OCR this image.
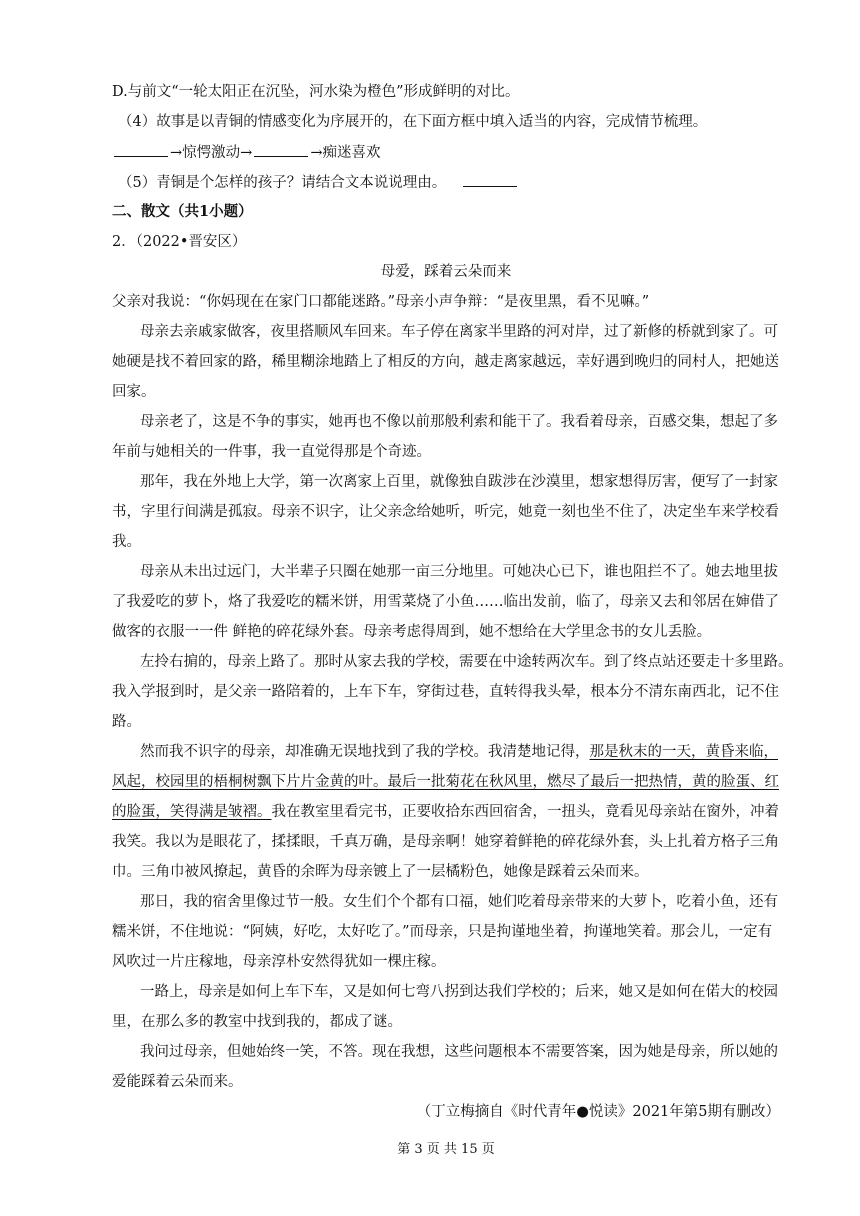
D.与前文“一轮太阳正在沉坠，河水染为橙色”形成鲜明的对比。
（4）故事是以青铜的情感变化为序展开的，在下面方框中填入适当的内容，完成情节梳理。
→惊愕激动→	→痴迷喜欢
（5）青铜是个怎样的孩子？请结合文本说说理由。
二、散文（共1小题）
2．（2022•晋安区）
母爱，踩着云朵而来
父亲对我说：“你妈现在在家门口都能迷路。”母亲小声争辩：“是夜里黑，看不见嘛。”
母亲去亲戚家做客，夜里搭顺风车回来。车子停在离家半里路的河对岸，过了新修的桥就到家了。可
她硬是找不着回家的路，稀里糊涂地踏上了相反的方向，越走离家越远，幸好遇到晚归的同村人，把她送
回家。
母亲老了，这是不争的事实，她再也不像以前那般利索和能干了。我看着母亲，百感交集，想起了多
年前与她相关的一件事，我一直觉得那是个奇迹。
那年，我在外地上大学，第一次离家上百里，就像独自跋涉在沙漠里，想家想得厉害，便写了一封家
书，字里行间满是孤寂。母亲不识字，让父亲念给她听，听完，她竟一刻也坐不住了，决定坐车来学校看
我。
母亲从未出过远门，大半辈子只圈在她那一亩三分地里。可她决心已下，谁也阻拦不了。她去地里拔
了我爱吃的萝卜，烙了我爱吃的糯米饼，用雪菜烧了小鱼……临出发前，临了，母亲又去和邻居在婶借了
做客的衣服一一件 鲜艳的碎花绿外套。母亲考虑得周到，她不想给在大学里念书的女儿丢脸。
左拎右掮的，母亲上路了。那时从家去我的学校，需要在中途转两次车。到了终点站还要走十多里路。
我入学报到时，是父亲一路陪着的，上车下车，穿街过巷，直转得我头晕，根本分不清东南西北，记不住
路。
然而我不识字的母亲，却准确无误地找到了我的学校。我清楚地记得，那是秋末的一天，黄昏来临，
风起，校园里的梧桐树飘下片片金黄的叶。最后一批菊花在秋风里，燃尽了最后一把热情，黄的脸蛋、红
的脸蛋，笑得满是皱褶。我在教室里看完书，正要收拾东西回宿舍，一扭头，竟看见母亲站在窗外，冲着
我笑。我以为是眼花了，揉揉眼，千真万确，是母亲啊！她穿着鲜艳的碎花绿外套，头上扎着方格子三角
巾。三角巾被风撩起，黄昏的余晖为母亲镀上了一层橘粉色，她像是踩着云朵而来。
那日，我的宿舍里像过节一般。女生们个个都有口福，她们吃着母亲带来的大萝卜，吃着小鱼，还有
糯米饼，不住地说：“阿姨，好吃，太好吃了。”而母亲，只是拘谨地坐着，拘谨地笑着。那会儿，一定有
风吹过一片庄稼地，母亲淳朴安然得犹如一棵庄稼。
一路上，母亲是如何上车下车，又是如何七弯八拐到达我们学校的；后来，她又是如何在偌大的校园
里，在那么多的教室中找到我的，都成了谜。
我问过母亲，但她始终一笑，不答。现在我想，这些问题根本不需要答案，因为她是母亲，所以她的
爱能踩着云朵而来。
（丁立梅摘自《时代青年●悦读》2021年第5期有删改）
第 3 页 共 15 页
